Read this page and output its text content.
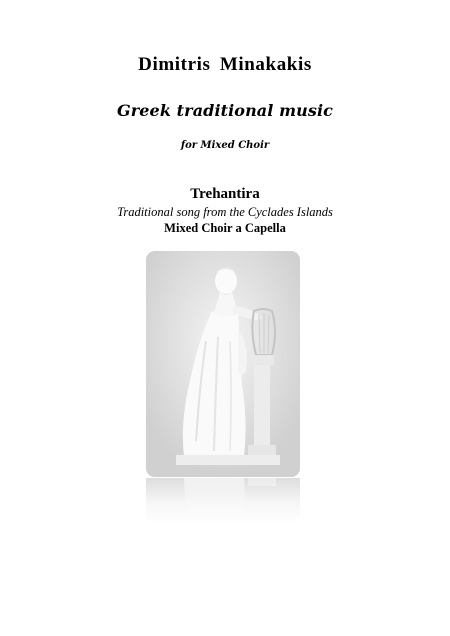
Dimitris Minakakis
Greek traditional music
for Mixed Choir
Trehantira
Traditional song from the Cyclades Islands
Mixed Choir a Capella
